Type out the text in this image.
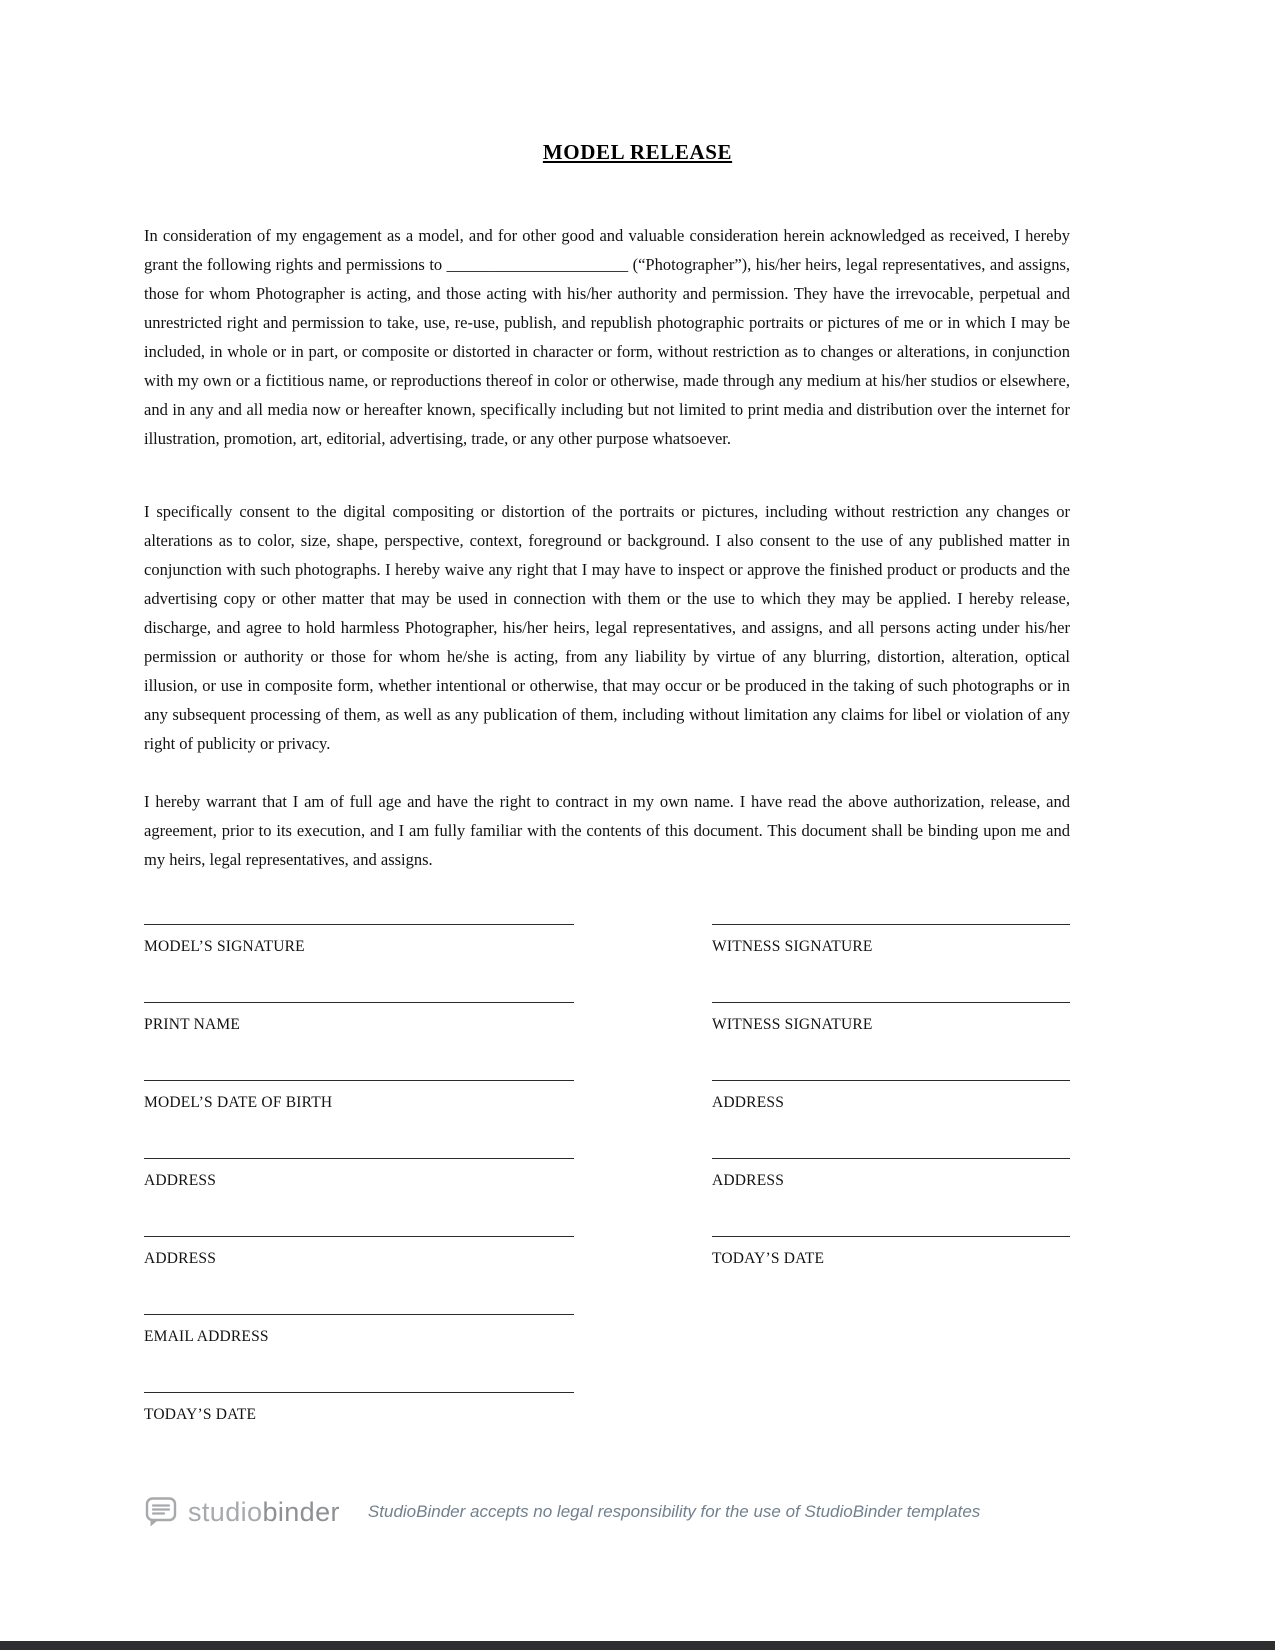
MODEL RELEASE

In consideration of my engagement as a model, and for other good and valuable consideration herein acknowledged as received, I hereby grant the following rights and permissions to ______________________ (“Photographer”), his/her heirs, legal representatives, and assigns, those for whom Photographer is acting, and those acting with his/her authority and permission. They have the irrevocable, perpetual and unrestricted right and permission to take, use, re-use, publish, and republish photographic portraits or pictures of me or in which I may be included, in whole or in part, or composite or distorted in character or form, without restriction as to changes or alterations, in conjunction with my own or a fictitious name, or reproductions thereof in color or otherwise, made through any medium at his/her studios or elsewhere, and in any and all media now or hereafter known, specifically including but not limited to print media and distribution over the internet for illustration, promotion, art, editorial, advertising, trade, or any other purpose whatsoever.

I specifically consent to the digital compositing or distortion of the portraits or pictures, including without restriction any changes or alterations as to color, size, shape, perspective, context, foreground or background. I also consent to the use of any published matter in conjunction with such photographs. I hereby waive any right that I may have to inspect or approve the finished product or products and the advertising copy or other matter that may be used in connection with them or the use to which they may be applied. I hereby release, discharge, and agree to hold harmless Photographer, his/her heirs, legal representatives, and assigns, and all persons acting under his/her permission or authority or those for whom he/she is acting, from any liability by virtue of any blurring, distortion, alteration, optical illusion, or use in composite form, whether intentional or otherwise, that may occur or be produced in the taking of such photographs or in any subsequent processing of them, as well as any publication of them, including without limitation any claims for libel or violation of any right of publicity or privacy.

I hereby warrant that I am of full age and have the right to contract in my own name. I have read the above authorization, release, and agreement, prior to its execution, and I am fully familiar with the contents of this document. This document shall be binding upon me and my heirs, legal representatives, and assigns.

MODEL’S SIGNATURE
PRINT NAME
MODEL’S DATE OF BIRTH
ADDRESS
ADDRESS
EMAIL ADDRESS
TODAY’S DATE
WITNESS SIGNATURE
WITNESS SIGNATURE
ADDRESS
ADDRESS
TODAY’S DATE
studiobinder StudioBinder accepts no legal responsibility for the use of StudioBinder templates
